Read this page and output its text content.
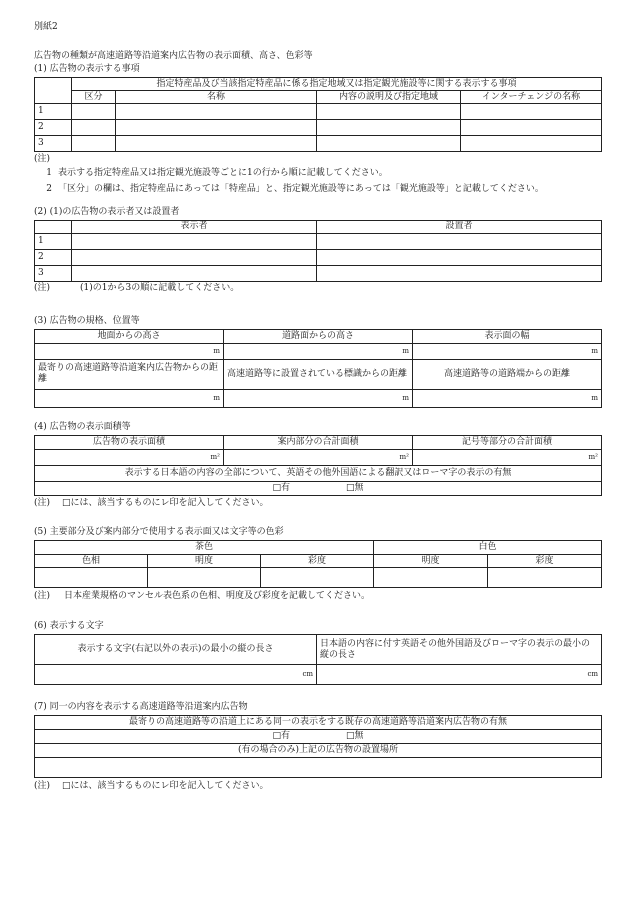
別紙2

広告物の種類が高速道路等沿道案内広告物の表示面積、高さ、色彩等

(1) 広告物の表示する事項

	指定特産品及び当該指定特産品に係る指定地域又は指定観光施設等に関する表示する事項			
	区分	名称	内容の説明及び指定地域	インターチェンジの名称
1				
2				
3				

(注)

1 表示する指定特産品又は指定観光施設等ごとに1の行から順に記載してください。
2 「区分」の欄は、指定特産品にあっては「特産品」と、指定観光施設等にあっては「観光施設等」と記載してください。

(2) (1)の広告物の表示者又は設置者

	表示者	設置者
1		
2		
3		
(注)	(1)の1から3の順に記載してください。

(3) 広告物の規格、位置等

地面からの高さ	道路面からの高さ	表示面の幅
m	m	m
最寄りの高速道路等沿道案内広告物からの距離	高速道路等に設置されている標識からの距離	高速道路等の道路端からの距離
m	m	m

(4) 広告物の表示面積等

広告物の表示面積	案内部分の合計面積	記号等部分の合計面積
m²	m²	m²
表示する日本語の内容の全部について、英語その他外国語による翻訳又はローマ字の表示の有無		
□有 □無		
(注)	□には、該当するものにレ印を記入してください。

(5) 主要部分及び案内部分で使用する表示面又は文字等の色彩

茶色			白色	
色相	明度	彩度	明度	彩度

(注)	日本産業規格のマンセル表色系の色相、明度及び彩度を記載してください。

(6) 表示する文字

表示する文字(右記以外の表示)の最小の縦の長さ	日本語の内容に付す英語その他外国語及びローマ字の表示の最小の縦の長さ
cm	cm

(7) 同一の内容を表示する高速道路等沿道案内広告物

最寄りの高速道路等の沿道上にある同一の表示をする既存の高速道路等沿道案内広告物の有無
□有	□無
(有の場合のみ)上記の広告物の設置場所

(注)	□には、該当するものにレ印を記入してください。
